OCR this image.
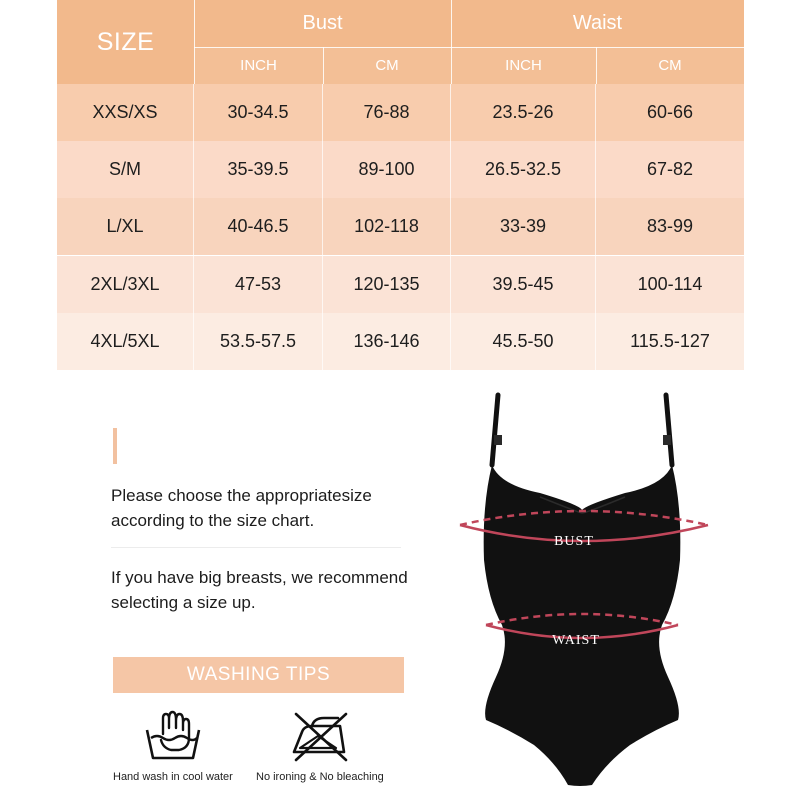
SIZE
Bust	Waist
INCH	CM	INCH	CM
XXS/XS	30-34.5	76-88	23.5-26	60-66
S/M	35-39.5	89-100	26.5-32.5	67-82
L/XL	40-46.5	102-118	33-39	83-99
2XL/3XL	47-53	120-135	39.5-45	100-114
4XL/5XL	53.5-57.5	136-146	45.5-50	115.5-127
Please choose the appropriatesize according to the size chart.
If you have big breasts, we recommend selecting a size up.
WASHING TIPS
Hand wash in cool water No ironing & No bleaching
BUST
WAIST
